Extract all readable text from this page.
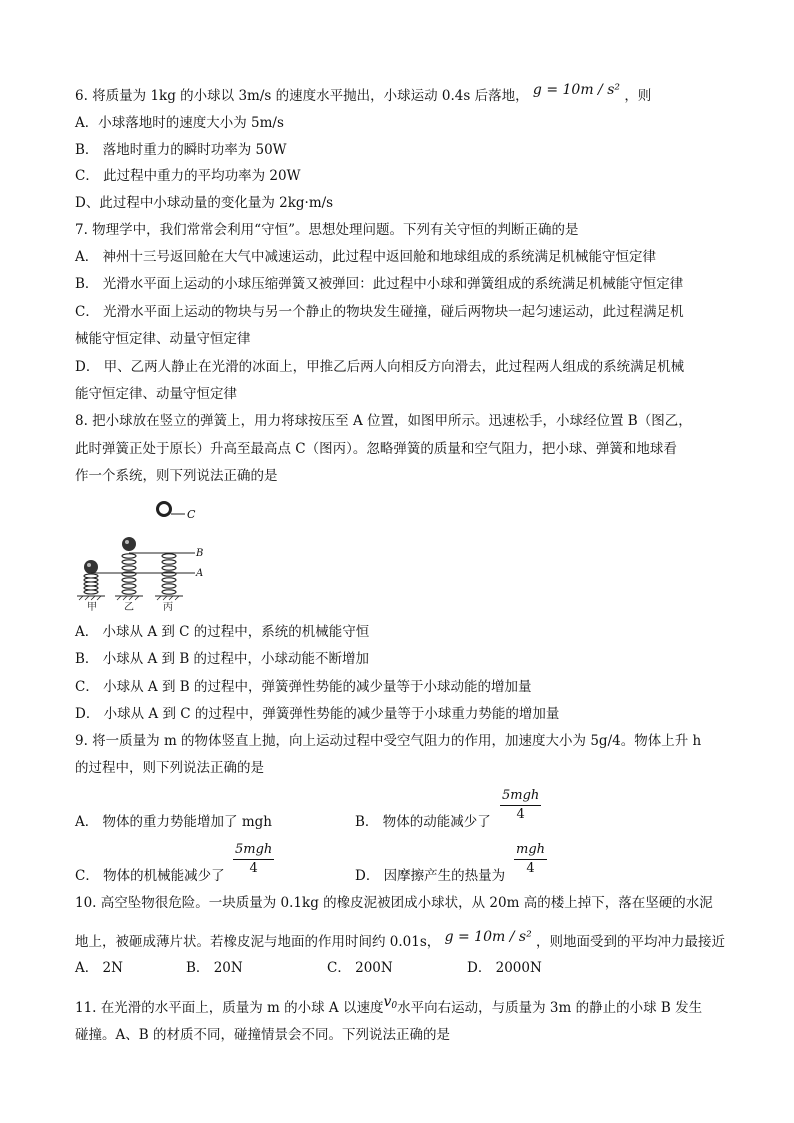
6. 将质量为 1kg 的小球以 3m/s 的速度水平抛出，小球运动 0.4s 后落地， g = 10m / s² ，则
A．小球落地时的速度大小为 5m/s
B． 落地时重力的瞬时功率为 50W
C． 此过程中重力的平均功率为 20W
D、此过程中小球动量的变化量为 2kg·m/s
7. 物理学中，我们常常会利用“守恒”。思想处理问题。下列有关守恒的判断正确的是
A． 神州十三号返回舱在大气中减速运动，此过程中返回舱和地球组成的系统满足机械能守恒定律
B． 光滑水平面上运动的小球压缩弹簧又被弹回：此过程中小球和弹簧组成的系统满足机械能守恒定律
C． 光滑水平面上运动的物块与另一个静止的物块发生碰撞，碰后两物块一起匀速运动，此过程满足机
械能守恒定律、动量守恒定律
D． 甲、乙两人静止在光滑的冰面上，甲推乙后两人向相反方向滑去，此过程两人组成的系统满足机械
能守恒定律、动量守恒定律
8. 把小球放在竖立的弹簧上，用力将球按压至 A 位置，如图甲所示。迅速松手，小球经位置 B（图乙，
此时弹簧正处于原长）升高至最高点 C（图丙）。忽略弹簧的质量和空气阻力，把小球、弹簧和地球看
作一个系统，则下列说法正确的是
C
B
A
甲	乙	丙
A． 小球从 A 到 C 的过程中，系统的机械能守恒
B． 小球从 A 到 B 的过程中，小球动能不断增加
C． 小球从 A 到 B 的过程中，弹簧弹性势能的减少量等于小球动能的增加量
D． 小球从 A 到 C 的过程中，弹簧弹性势能的减少量等于小球重力势能的增加量
9. 将一质量为 m 的物体竖直上抛，向上运动过程中受空气阻力的作用，加速度大小为 5g/4。物体上升 h
的过程中，则下列说法正确的是
A． 物体的重力势能增加了 mgh	B． 物体的动能减少了
5mgh
4
C． 物体的机械能减少了
5mgh
4	D． 因摩擦产生的热量为
mgh
4
10. 高空坠物很危险。一块质量为 0.1kg 的橡皮泥被团成小球状，从 20m 高的楼上掉下，落在坚硬的水泥
地上，被砸成薄片状。若橡皮泥与地面的作用时间约 0.01s， g = 10m / s² ，则地面受到的平均冲力最接近
A． 2N	B． 20N	C． 200N	D． 2000N
11. 在光滑的水平面上，质量为 m 的小球 A 以速度$v_0$水平向右运动，与质量为 3m 的静止的小球 B 发生
碰撞。A、B 的材质不同，碰撞情景会不同。下列说法正确的是
